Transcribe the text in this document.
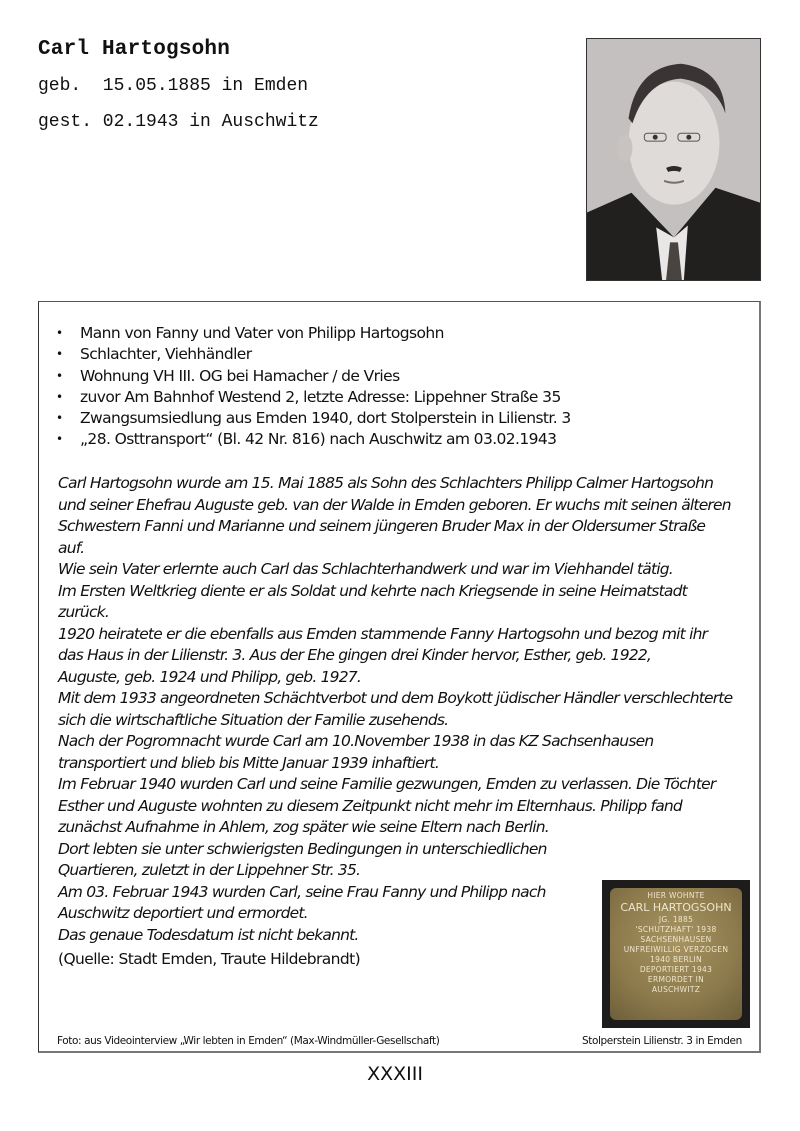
Carl Hartogsohn
geb.  15.05.1885 in Emden
gest. 02.1943 in Auschwitz
• Mann von Fanny und Vater von Philipp Hartogsohn
• Schlachter, Viehhändler
• Wohnung VH III. OG bei Hamacher / de Vries
• zuvor Am Bahnhof Westend 2, letzte Adresse: Lippehner Straße 35
• Zwangsumsiedlung aus Emden 1940, dort Stolperstein in Lilienstr. 3
• „28. Osttransport“ (Bl. 42 Nr. 816) nach Auschwitz am 03.02.1943

Carl Hartogsohn wurde am 15. Mai 1885 als Sohn des Schlachters Philipp Calmer Hartogsohn

und seiner Ehefrau Auguste geb. van der Walde in Emden geboren. Er wuchs mit seinen älteren

Schwestern Fanni und Marianne und seinem jüngeren Bruder Max in der Oldersumer Straße

auf.

Wie sein Vater erlernte auch Carl das Schlachterhandwerk und war im Viehhandel tätig.

Im Ersten Weltkrieg diente er als Soldat und kehrte nach Kriegsende in seine Heimatstadt

zurück.

1920 heiratete er die ebenfalls aus Emden stammende Fanny Hartogsohn und bezog mit ihr

das Haus in der Lilienstr. 3. Aus der Ehe gingen drei Kinder hervor, Esther, geb. 1922,

Auguste, geb. 1924 und Philipp, geb. 1927.

Mit dem 1933 angeordneten Schächtverbot und dem Boykott jüdischer Händler verschlechterte

sich die wirtschaftliche Situation der Familie zusehends.

Nach der Pogromnacht wurde Carl am 10.November 1938 in das KZ Sachsenhausen

transportiert und blieb bis Mitte Januar 1939 inhaftiert.

Im Februar 1940 wurden Carl und seine Familie gezwungen, Emden zu verlassen. Die Töchter

Esther und Auguste wohnten zu diesem Zeitpunkt nicht mehr im Elternhaus. Philipp fand

zunächst Aufnahme in Ahlem, zog später wie seine Eltern nach Berlin.

Dort lebten sie unter schwierigsten Bedingungen in unterschiedlichen

Quartieren, zuletzt in der Lippehner Str. 35.

Am 03. Februar 1943 wurden Carl, seine Frau Fanny und Philipp nach

Auschwitz deportiert und ermordet.

Das genaue Todesdatum ist nicht bekannt.

(Quelle: Stadt Emden, Traute Hildebrandt)
HIER WOHNTE
CARL HARTOGSOHN
JG. 1885
'SCHUTZHAFT' 1938
SACHSENHAUSEN
UNFREIWILLIG VERZOGEN
1940 BERLIN
DEPORTIERT 1943
ERMORDET IN
AUSCHWITZ
Foto: aus Videointerview „Wir lebten in Emden“ (Max-Windmüller-Gesellschaft)	Stolperstein Lilienstr. 3 in Emden
XXXIII
